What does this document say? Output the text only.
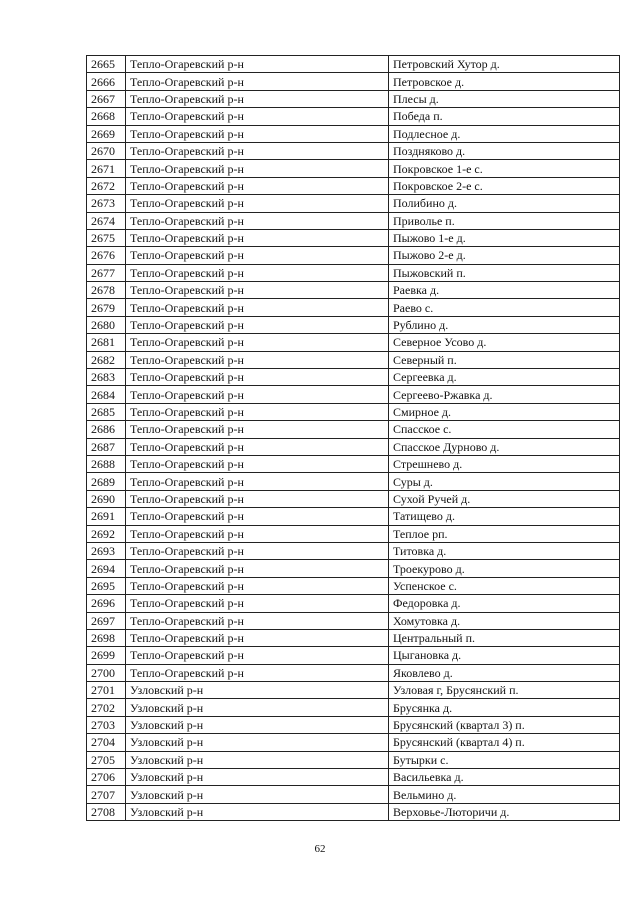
2665	Тепло-Огаревский р-н	Петровский Хутор д.
2666	Тепло-Огаревский р-н	Петровское д.
2667	Тепло-Огаревский р-н	Плесы д.
2668	Тепло-Огаревский р-н	Победа п.
2669	Тепло-Огаревский р-н	Подлесное д.
2670	Тепло-Огаревский р-н	Поздняково д.
2671	Тепло-Огаревский р-н	Покровское 1-е с.
2672	Тепло-Огаревский р-н	Покровское 2-е с.
2673	Тепло-Огаревский р-н	Полибино д.
2674	Тепло-Огаревский р-н	Приволье п.
2675	Тепло-Огаревский р-н	Пыжово 1-е д.
2676	Тепло-Огаревский р-н	Пыжово 2-е д.
2677	Тепло-Огаревский р-н	Пыжовский п.
2678	Тепло-Огаревский р-н	Раевка д.
2679	Тепло-Огаревский р-н	Раево с.
2680	Тепло-Огаревский р-н	Рублино д.
2681	Тепло-Огаревский р-н	Северное Усово д.
2682	Тепло-Огаревский р-н	Северный п.
2683	Тепло-Огаревский р-н	Сергеевка д.
2684	Тепло-Огаревский р-н	Сергеево-Ржавка д.
2685	Тепло-Огаревский р-н	Смирное д.
2686	Тепло-Огаревский р-н	Спасское с.
2687	Тепло-Огаревский р-н	Спасское Дурново д.
2688	Тепло-Огаревский р-н	Стрешнево д.
2689	Тепло-Огаревский р-н	Суры д.
2690	Тепло-Огаревский р-н	Сухой Ручей д.
2691	Тепло-Огаревский р-н	Татищево д.
2692	Тепло-Огаревский р-н	Теплое рп.
2693	Тепло-Огаревский р-н	Титовка д.
2694	Тепло-Огаревский р-н	Троекурово д.
2695	Тепло-Огаревский р-н	Успенское с.
2696	Тепло-Огаревский р-н	Федоровка д.
2697	Тепло-Огаревский р-н	Хомутовка д.
2698	Тепло-Огаревский р-н	Центральный п.
2699	Тепло-Огаревский р-н	Цыгановка д.
2700	Тепло-Огаревский р-н	Яковлево д.
2701	Узловский р-н	Узловая г, Брусянский п.
2702	Узловский р-н	Брусянка д.
2703	Узловский р-н	Брусянский (квартал 3) п.
2704	Узловский р-н	Брусянский (квартал 4) п.
2705	Узловский р-н	Бутырки с.
2706	Узловский р-н	Васильевка д.
2707	Узловский р-н	Вельмино д.
2708	Узловский р-н	Верховье-Люторичи д.
62
